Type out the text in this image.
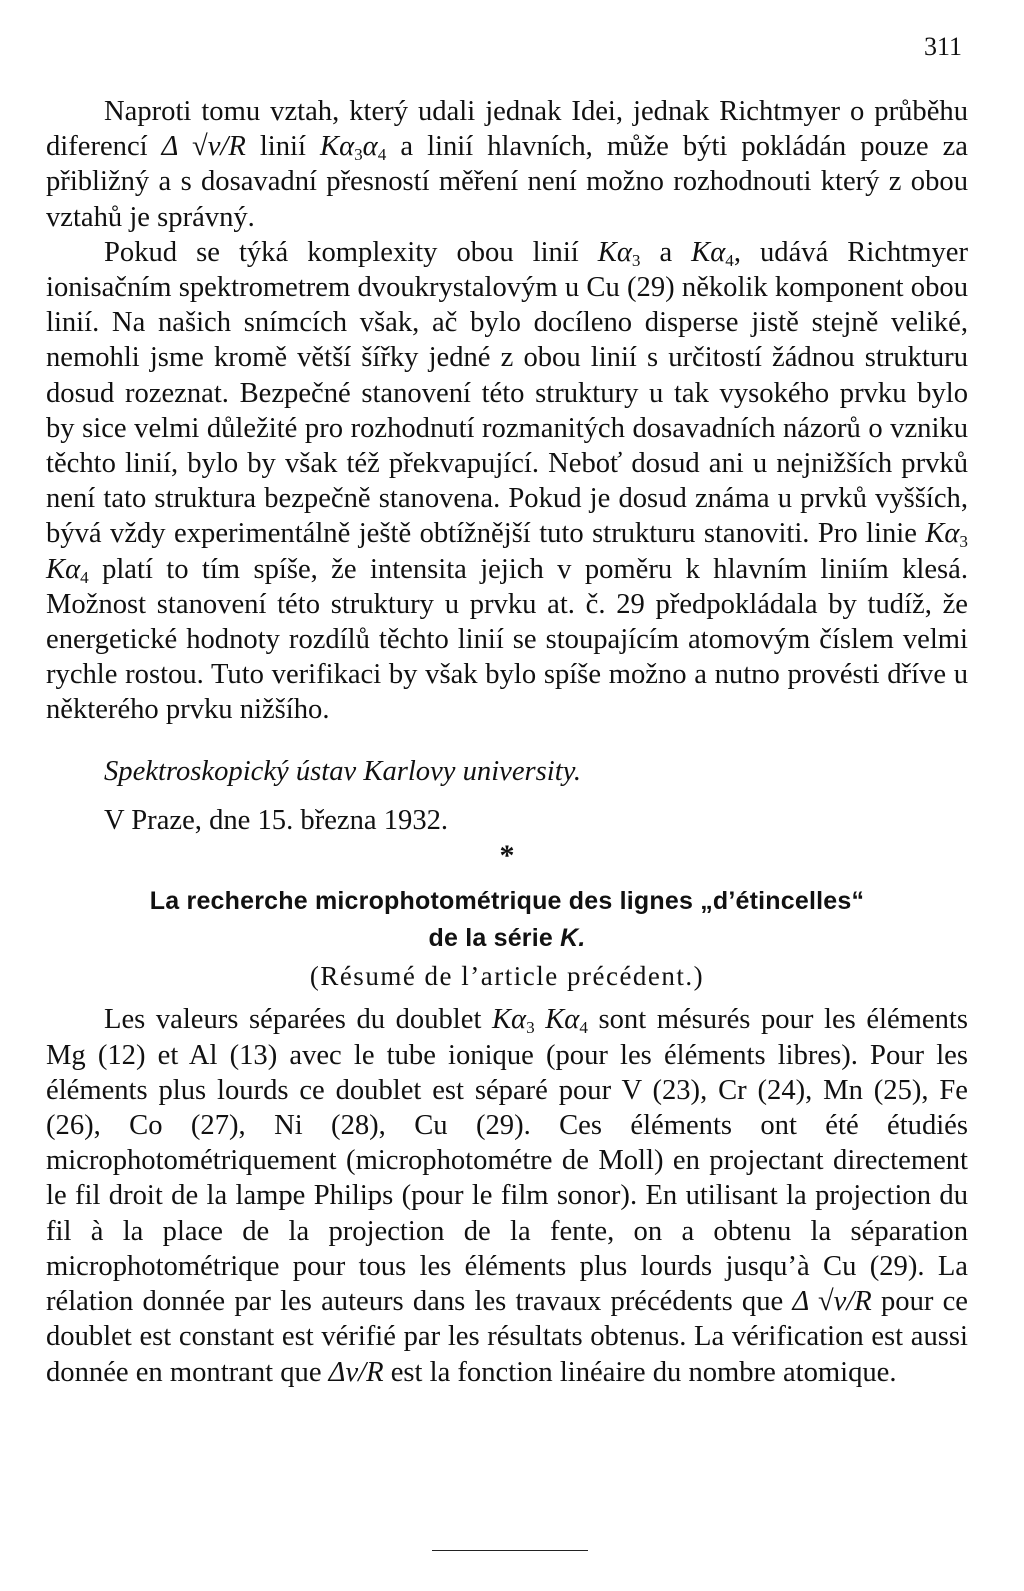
311

Naproti tomu vztah, který udali jednak Idei, jednak Richtmyer o průběhu diferencí Δ √ν/R linií $K\alpha_3\alpha_4$ a linií hlavních, může býti pokládán pouze za přibližný a s dosavadní přesností měření není možno rozhodnouti který z obou vztahů je správný.

Pokud se týká komplexity obou linií $K\alpha_3$ a $K\alpha_4$, udává Richtmyer ionisačním spektrometrem dvoukrystalovým u Cu (29) několik komponent obou linií. Na našich snímcích však, ač bylo docíleno disperse jistě stejně veliké, nemohli jsme kromě větší šířky jedné z obou linií s určitostí žádnou strukturu dosud rozeznat. Bezpečné stanovení této struktury u tak vysokého prvku bylo by sice velmi důležité pro rozhodnutí rozmanitých dosavadních názorů o vzniku těchto linií, bylo by však též překvapující. Neboť dosud ani u nejnižších prvků není tato struktura bezpečně stanovena. Pokud je dosud známa u prvků vyšších, bývá vždy experimentálně ještě obtížnější tuto strukturu stanoviti. Pro linie $K\alpha_3$ $K\alpha_4$ platí to tím spíše, že intensita jejich v poměru k hlavním liniím klesá. Možnost stanovení této struktury u prvku at. č. 29 předpokládala by tudíž, že energetické hodnoty rozdílů těchto linií se stoupajícím atomovým číslem velmi rychle rostou. Tuto verifikaci by však bylo spíše možno a nutno provésti dříve u některého prvku nižšího.

Spektroskopický ústav Karlovy university.

V Praze, dne 15. března 1932.

*

La recherche microphotométrique des lignes „d’étincelles“
de la série K.
(Résumé de l’article précédent.)

Les valeurs séparées du doublet $K\alpha_3$ $K\alpha_4$ sont mésurés pour les éléments Mg (12) et Al (13) avec le tube ionique (pour les éléments libres). Pour les éléments plus lourds ce doublet est séparé pour V (23), Cr (24), Mn (25), Fe (26), Co (27), Ni (28), Cu (29). Ces éléments ont été étudiés microphotométriquement (microphotométre de Moll) en projectant directement le fil droit de la lampe Philips (pour le film sonor). En utilisant la projection du fil à la place de la projection de la fente, on a obtenu la séparation microphotométrique pour tous les éléments plus lourds jusqu’à Cu (29). La rélation donnée par les auteurs dans les travaux précédents que Δ √ν/R pour ce doublet est constant est vérifié par les résultats obtenus. La vérification est aussi donnée en montrant que Δν/R est la fonction linéaire du nombre atomique.
